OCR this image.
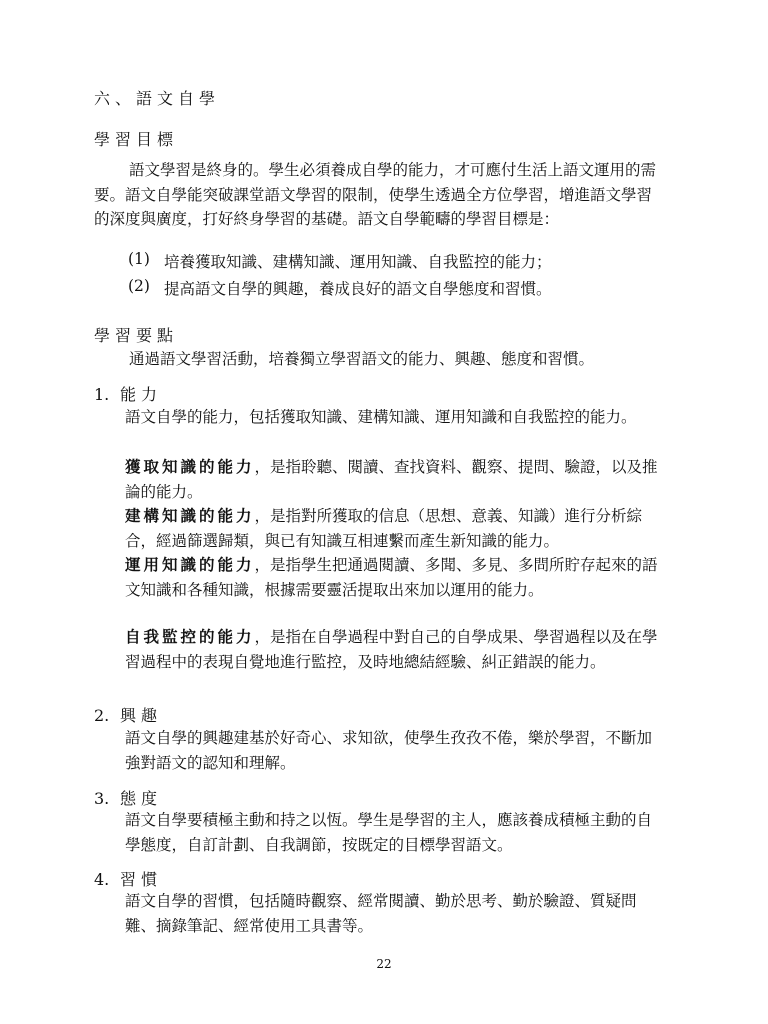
六、語文自學
學習目標

語文學習是終身的。學生必須養成自學的能力，才可應付生活上語文運用的需要。語文自學能突破課堂語文學習的限制，使學生透過全方位學習，增進語文學習的深度與廣度，打好終身學習的基礎。語文自學範疇的學習目標是：

(1) 培養獲取知識、建構知識、運用知識、自我監控的能力；
(2) 提高語文自學的興趣，養成良好的語文自學態度和習慣。
學習要點

通過語文學習活動，培養獨立學習語文的能力、興趣、態度和習慣。

1. 能力

語文自學的能力，包括獲取知識、建構知識、運用知識和自我監控的能力。

獲取知識的能力，是指聆聽、閱讀、查找資料、觀察、提問、驗證，以及推論的能力。

建構知識的能力，是指對所獲取的信息（思想、意義、知識）進行分析綜合，經過篩選歸類，與已有知識互相連繫而產生新知識的能力。

運用知識的能力，是指學生把通過閱讀、多聞、多見、多問所貯存起來的語文知識和各種知識，根據需要靈活提取出來加以運用的能力。

自我監控的能力，是指在自學過程中對自己的自學成果、學習過程以及在學習過程中的表現自覺地進行監控，及時地總結經驗、糾正錯誤的能力。

2. 興趣

語文自學的興趣建基於好奇心、求知欲，使學生孜孜不倦，樂於學習，不斷加強對語文的認知和理解。

3. 態度

語文自學要積極主動和持之以恆。學生是學習的主人，應該養成積極主動的自學態度，自訂計劃、自我調節，按既定的目標學習語文。

4. 習慣

語文自學的習慣，包括隨時觀察、經常閱讀、勤於思考、勤於驗證、質疑問難、摘錄筆記、經常使用工具書等。

22
